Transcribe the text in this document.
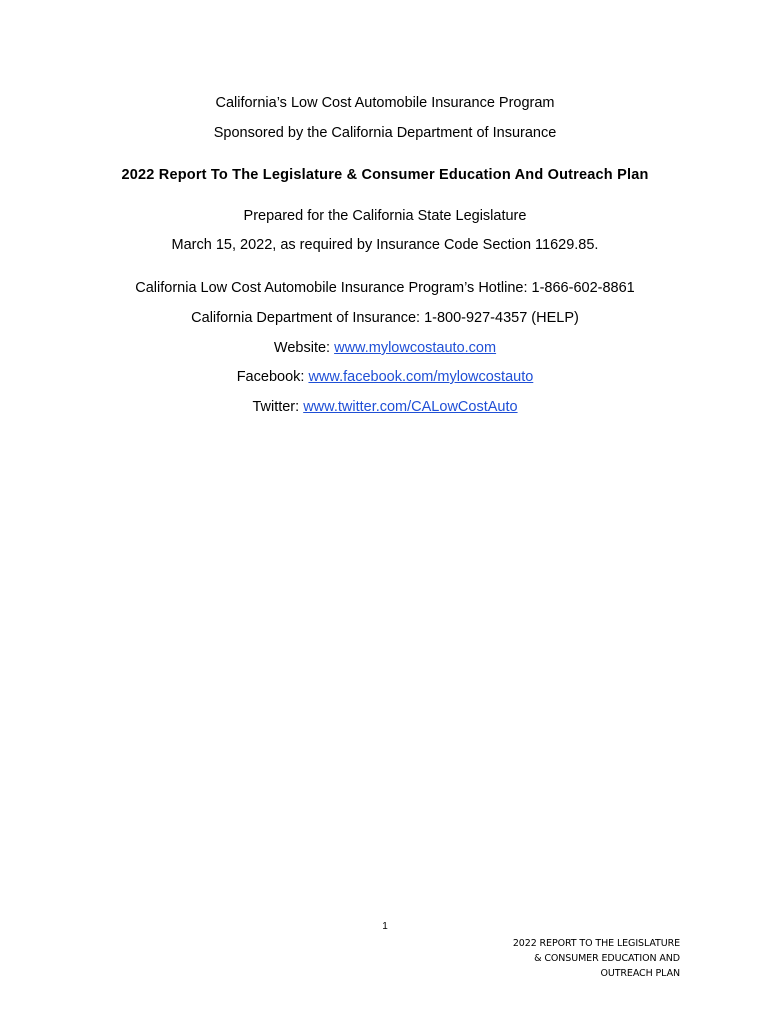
California’s Low Cost Automobile Insurance Program
Sponsored by the California Department of Insurance
2022 Report To The Legislature & Consumer Education And Outreach Plan
Prepared for the California State Legislature
March 15, 2022, as required by Insurance Code Section 11629.85.
California Low Cost Automobile Insurance Program’s Hotline: 1-866-602-8861
California Department of Insurance: 1-800-927-4357 (HELP)
Website: www.mylowcostauto.com
Facebook: www.facebook.com/mylowcostauto
Twitter: www.twitter.com/CALowCostAuto
1
2022 REPORT TO THE LEGISLATURE
& CONSUMER EDUCATION AND
OUTREACH PLAN
